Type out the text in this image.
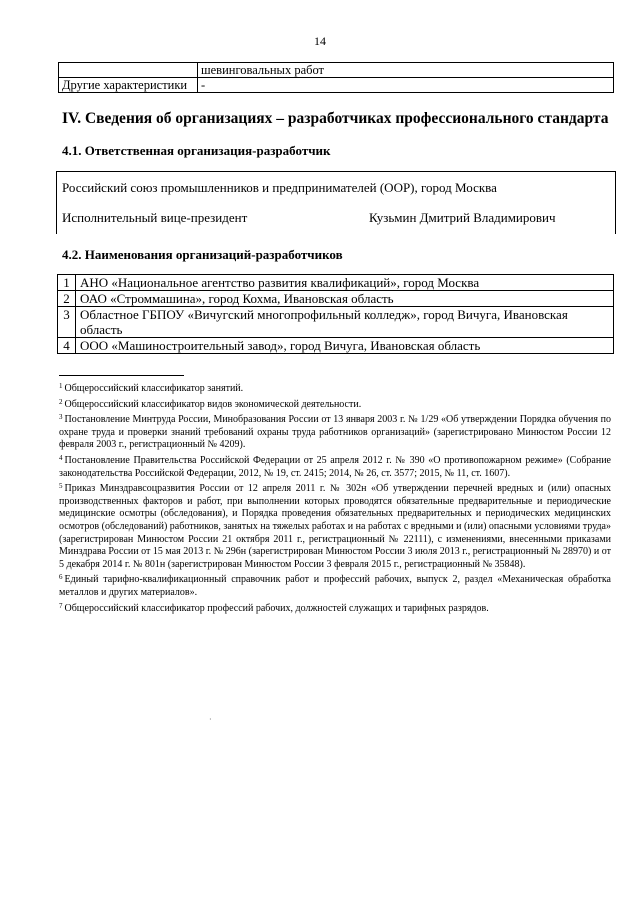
14
	шевинговальных работ
Другие характеристики	-
IV. Сведения об организациях – разработчиках профессионального стандарта
4.1. Ответственная организация-разработчик
Российский союз промышленников и предпринимателей (ООР), город Москва
Исполнительный вице-президент	Кузьмин Дмитрий Владимирович
4.2. Наименования организаций-разработчиков
1	АНО «Национальное агентство развития квалификаций», город Москва
2	ОАО «Строммашина», город Кохма, Ивановская область
3	Областное ГБПОУ «Вичугский многопрофильный колледж», город Вичуга, Ивановская область
4	ООО «Машиностроительный завод», город Вичуга, Ивановская область

$^1$ Общероссийский классификатор занятий.

$^2$ Общероссийский классификатор видов экономической деятельности.

$^3$ Постановление Минтруда России, Минобразования России от 13 января 2003 г. № 1/29 «Об утверждении Порядка обучения по охране труда и проверки знаний требований охраны труда работников организаций» (зарегистрировано Минюстом России 12 февраля 2003 г., регистрационный № 4209).

$^4$ Постановление Правительства Российской Федерации от 25 апреля 2012 г. № 390 «О противопожарном режиме» (Собрание законодательства Российской Федерации, 2012, № 19, ст. 2415; 2014, № 26, ст. 3577; 2015, № 11, ст. 1607).

$^5$ Приказ Минздравсоцразвития России от 12 апреля 2011 г. № 302н «Об утверждении перечней вредных и (или) опасных производственных факторов и работ, при выполнении которых проводятся обязательные предварительные и периодические медицинские осмотры (обследования), и Порядка проведения обязательных предварительных и периодических медицинских осмотров (обследований) работников, занятых на тяжелых работах и на работах с вредными и (или) опасными условиями труда» (зарегистрирован Минюстом России 21 октября 2011 г., регистрационный № 22111), с изменениями, внесенными приказами Минздрава России от 15 мая 2013 г. № 296н (зарегистрирован Минюстом России 3 июля 2013 г., регистрационный № 28970) и от 5 декабря 2014 г. № 801н (зарегистрирован Минюстом России 3 февраля 2015 г., регистрационный № 35848).

$^6$ Единый тарифно-квалификационный справочник работ и профессий рабочих, выпуск 2, раздел «Механическая обработка металлов и других материалов».

$^7$ Общероссийский классификатор профессий рабочих, должностей служащих и тарифных разрядов.

·
